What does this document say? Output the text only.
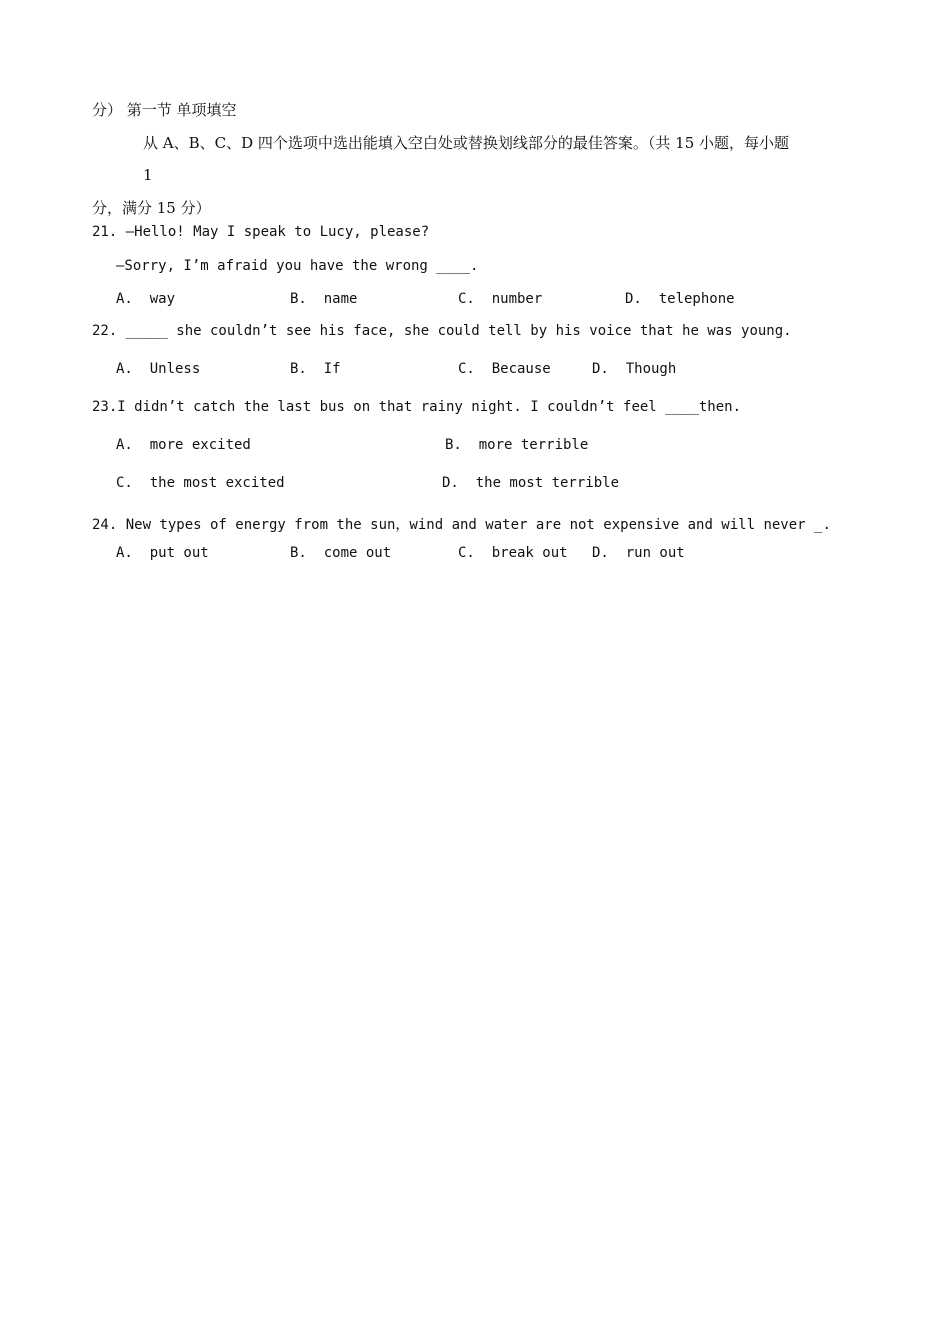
分） 第一节 单项填空
从 A、B、C、D 四个选项中选出能填入空白处或替换划线部分的最佳答案。（共 15 小题，每小题
1
分，满分 15 分）
21. —Hello! May I speak to Lucy, please?
—Sorry, I’m afraid you have the wrong ____.
A.  way	B.  name	C.  number	D.  telephone
22. _____ she couldn’t see his face, she could tell by his voice that he was young.
A.  Unless	B.  If	C.  Because	D.  Though
23.I didn’t catch the last bus on that rainy night. I couldn’t feel ____then.
A.  more excited	B.  more terrible
C.  the most excited	D.  the most terrible
24. New types of energy from the sun，wind and water are not expensive and will never _.
A.  put out	B.  come out	C.  break out D.  run out
